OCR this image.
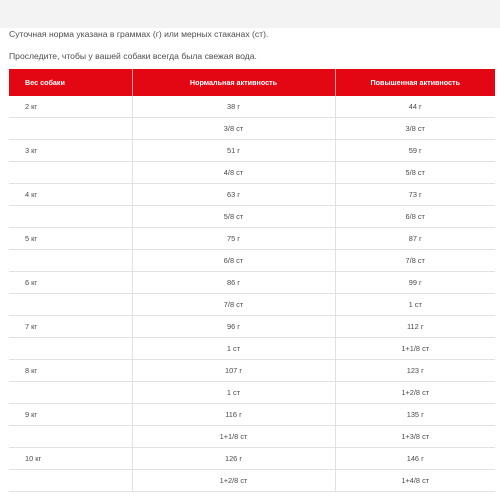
Суточная норма указана в граммах (г) или мерных стаканах (ст).

Проследите, чтобы у вашей собаки всегда была свежая вода.

Вес собаки	Нормальная активность	Повышенная активность
2 кг	38 г	44 г
	3/8 ст	3/8 ст
3 кг	51 г	59 г
	4/8 ст	5/8 ст
4 кг	63 г	73 г
	5/8 ст	6/8 ст
5 кг	75 г	87 г
	6/8 ст	7/8 ст
6 кг	86 г	99 г
	7/8 ст	1 ст
7 кг	96 г	112 г
	1 ст	1+1/8 ст
8 кг	107 г	123 г
	1 ст	1+2/8 ст
9 кг	116 г	135 г
	1+1/8 ст	1+3/8 ст
10 кг	126 г	146 г
	1+2/8 ст	1+4/8 ст
